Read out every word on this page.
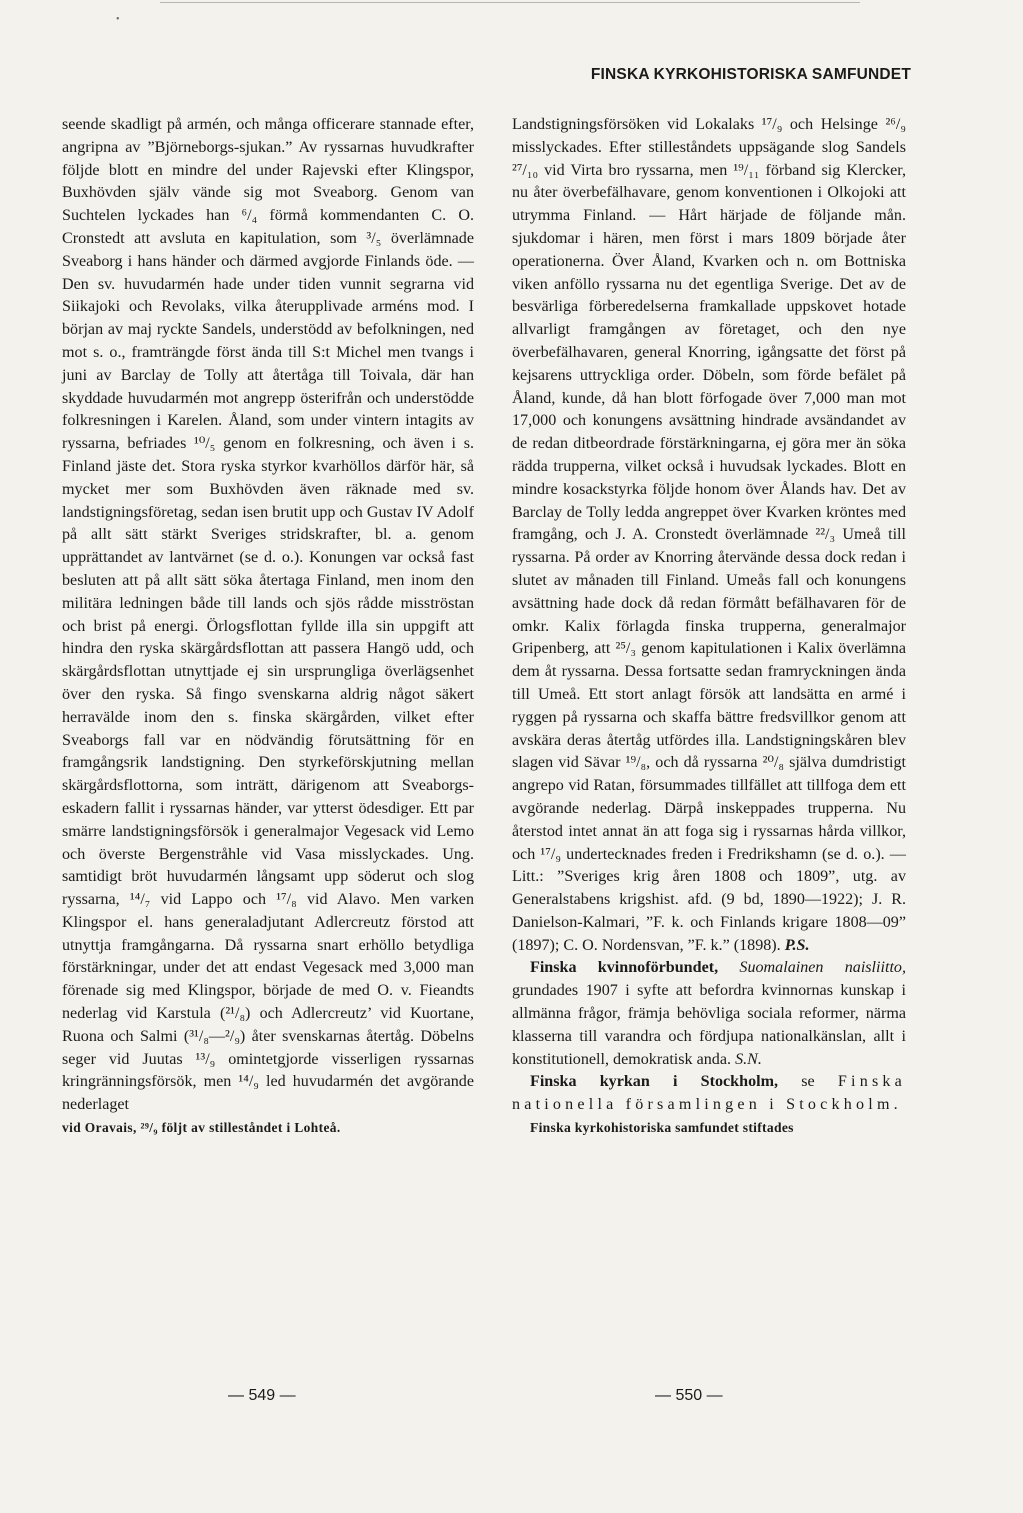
•
FINSKA KYRKOHISTORISKA SAMFUNDET

seende skadligt på armén, och många officerare stannade efter, angripna av ”Björneborgs-sjukan.” Av ryssarnas huvudkrafter följde blott en mindre del under Rajevski efter Klingspor, Buxhövden själv vände sig mot Sveaborg. Genom van Suchtelen lyckades han ⁶/₄ förmå kommendanten C. O. Cronstedt att avsluta en kapitulation, som ³/₅ överlämnade Sveaborg i hans händer och därmed avgjorde Finlands öde. — Den sv. huvudarmén hade under tiden vunnit segrarna vid Siikajoki och Revolaks, vilka återupplivade arméns mod. I början av maj ryckte Sandels, understödd av befolkningen, ned mot s. o., framträngde först ända till S:t Michel men tvangs i juni av Barclay de Tolly att återtåga till Toivala, där han skyddade huvudarmén mot angrepp österifrån och understödde folkresningen i Karelen. Åland, som under vintern intagits av ryssarna, befriades ¹⁰/₅ genom en folkresning, och även i s. Finland jäste det. Stora ryska styrkor kvarhöllos därför här, så mycket mer som Buxhövden även räknade med sv. landstigningsföretag, sedan isen brutit upp och Gustav IV Adolf på allt sätt stärkt Sveriges stridskrafter, bl. a. genom upprättandet av lantvärnet (se d. o.). Konungen var också fast besluten att på allt sätt söka återtaga Finland, men inom den militära ledningen både till lands och sjös rådde misströstan och brist på energi. Örlogsflottan fyllde illa sin uppgift att hindra den ryska skärgårdsflottan att passera Hangö udd, och skärgårdsflottan utnyttjade ej sin ursprungliga överlägsenhet över den ryska. Så fingo svenskarna aldrig något säkert herravälde inom den s. finska skärgården, vilket efter Sveaborgs fall var en nödvändig förutsättning för en framgångsrik landstigning. Den styrkeförskjutning mellan skärgårdsflottorna, som inträtt, därigenom att Sveaborgs-eskadern fallit i ryssarnas händer, var ytterst ödesdiger. Ett par smärre landstigningsförsök i generalmajor Vegesack vid Lemo och överste Bergenstråhle vid Vasa misslyckades. Ung. samtidigt bröt huvudarmén långsamt upp söderut och slog ryssarna, ¹⁴/₇ vid Lappo och ¹⁷/₈ vid Alavo. Men varken Klingspor el. hans generaladjutant Adlercreutz förstod att utnyttja framgångarna. Då ryssarna snart erhöllo betydliga förstärkningar, under det att endast Vegesack med 3,000 man förenade sig med Klingspor, började de med O. v. Fieandts nederlag vid Karstula (²¹/₈) och Adlercreutz’ vid Kuortane, Ruona och Salmi (³¹/₈—²/₉) åter svenskarnas återtåg. Döbelns seger vid Juutas ¹³/₉ omintetgjorde visserligen ryssarnas kringränningsförsök, men ¹⁴/₉ led huvudarmén det avgörande nederlaget

vid Oravais, ²⁹/₉ följt av stilleståndet i Lohteå.

Landstigningsförsöken vid Lokalaks ¹⁷/₉ och Helsinge ²⁶/₉ misslyckades. Efter stilleståndets uppsägande slog Sandels ²⁷/₁₀ vid Virta bro ryssarna, men ¹⁹/₁₁ förband sig Klercker, nu åter överbefälhavare, genom konventionen i Olkojoki att utrymma Finland. — Hårt härjade de följande mån. sjukdomar i hären, men först i mars 1809 började åter operationerna. Över Åland, Kvarken och n. om Bottniska viken anföllo ryssarna nu det egentliga Sverige. Det av de besvärliga förberedelserna framkallade uppskovet hotade allvarligt framgången av företaget, och den nye överbefälhavaren, general Knorring, igångsatte det först på kejsarens uttryckliga order. Döbeln, som förde befälet på Åland, kunde, då han blott förfogade över 7,000 man mot 17,000 och konungens avsättning hindrade avsändandet av de redan ditbeordrade förstärkningarna, ej göra mer än söka rädda trupperna, vilket också i huvudsak lyckades. Blott en mindre kosackstyrka följde honom över Ålands hav. Det av Barclay de Tolly ledda angreppet över Kvarken kröntes med framgång, och J. A. Cronstedt överlämnade ²²/₃ Umeå till ryssarna. På order av Knorring återvände dessa dock redan i slutet av månaden till Finland. Umeås fall och konungens avsättning hade dock då redan förmått befälhavaren för de omkr. Kalix förlagda finska trupperna, generalmajor Gripenberg, att ²⁵/₃ genom kapitulationen i Kalix överlämna dem åt ryssarna. Dessa fortsatte sedan framryckningen ända till Umeå. Ett stort anlagt försök att landsätta en armé i ryggen på ryssarna och skaffa bättre fredsvillkor genom att avskära deras återtåg utfördes illa. Landstigningskåren blev slagen vid Sävar ¹⁹/₈, och då ryssarna ²⁰/₈ själva dumdristigt angrepo vid Ratan, försummades tillfället att tillfoga dem ett avgörande nederlag. Därpå inskeppades trupperna. Nu återstod intet annat än att foga sig i ryssarnas hårda villkor, och ¹⁷/₉ undertecknades freden i Fredrikshamn (se d. o.). — Litt.: ”Sveriges krig åren 1808 och 1809”, utg. av Generalstabens krigshist. afd. (9 bd, 1890—1922); J. R. Danielson-Kalmari, ”F. k. och Finlands krigare 1808—09” (1897); C. O. Nordensvan, ”F. k.” (1898). P.S.

Finska kvinnoförbundet, Suomalainen naisliitto, grundades 1907 i syfte att befordra kvinnornas kunskap i allmänna frågor, främja behövliga sociala reformer, närma klasserna till varandra och fördjupa nationalkänslan, allt i konstitutionell, demokratisk anda. S.N.

Finska kyrkan i Stockholm, se Finska nationella församlingen i Stockholm.

Finska kyrkohistoriska samfundet stiftades

— 549 —	— 550 —
